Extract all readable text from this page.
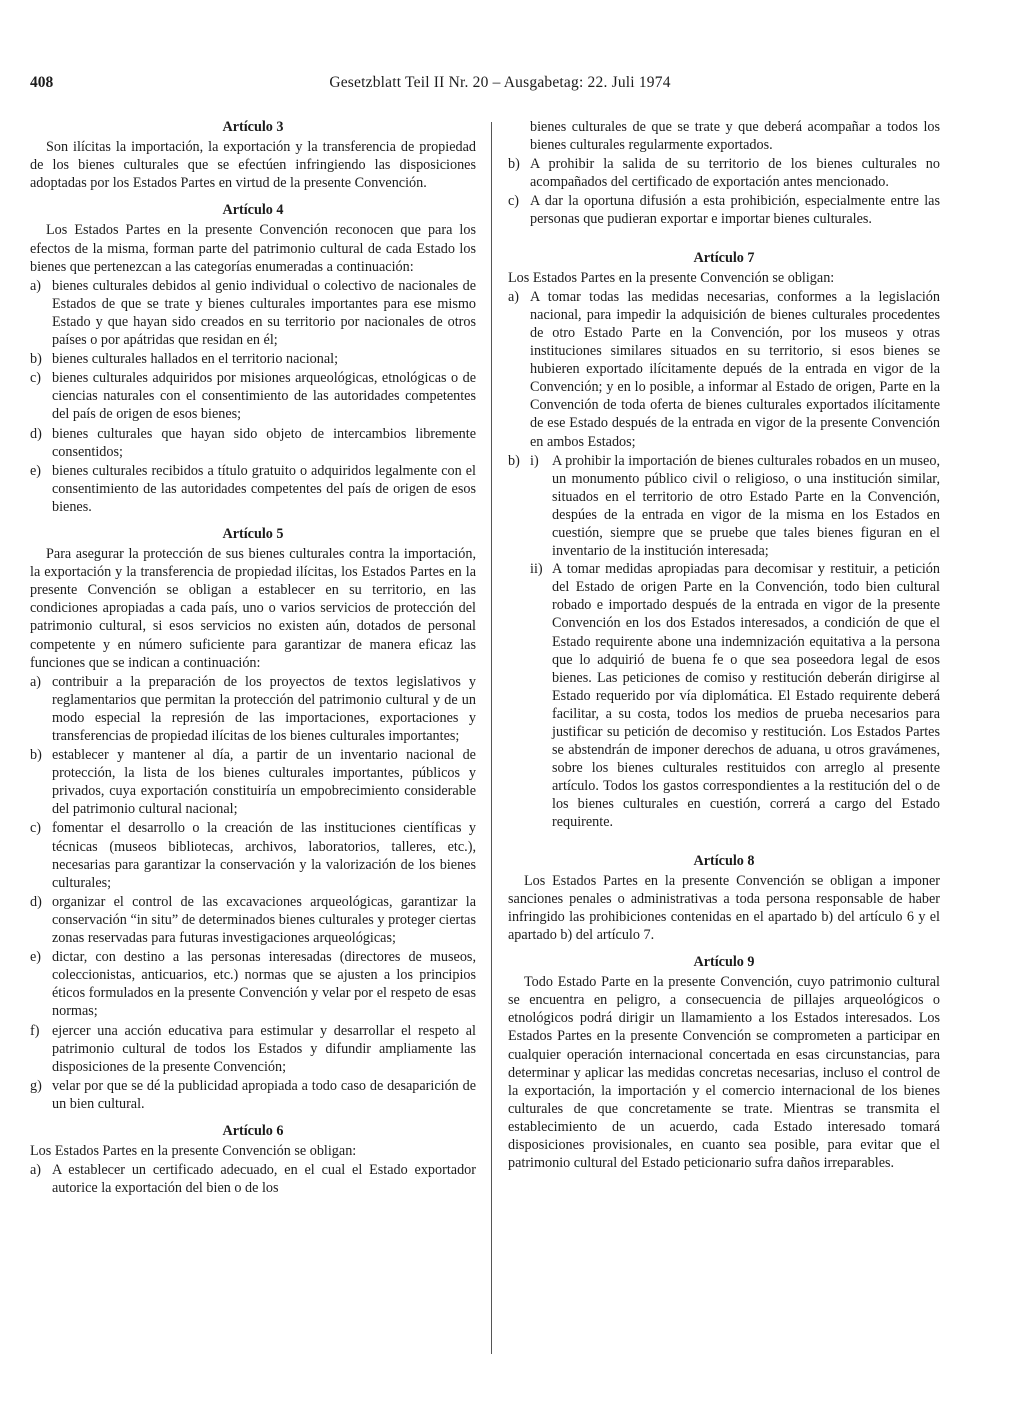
408	Gesetzblatt Teil II Nr. 20 – Ausgabetag: 22. Juli 1974
Artículo 3

Son ilícitas la importación, la exportación y la transferencia de propiedad de los bienes culturales que se efectúen infringiendo las disposiciones adoptadas por los Estados Partes en virtud de la presente Convención.

Artículo 4

Los Estados Partes en la presente Convención reconocen que para los efectos de la misma, forman parte del patrimonio cultural de cada Estado los bienes que pertenezcan a las categorías enumeradas a continuación:

a) bienes culturales debidos al genio individual o colectivo de nacionales de Estados de que se trate y bienes culturales importantes para ese mismo Estado y que hayan sido creados en su territorio por nacionales de otros países o por apátridas que residan en él;
b) bienes culturales hallados en el territorio nacional;
c) bienes culturales adquiridos por misiones arqueológicas, etnológicas o de ciencias naturales con el consentimiento de las autoridades competentes del país de origen de esos bienes;
d) bienes culturales que hayan sido objeto de intercambios libremente consentidos;
e) bienes culturales recibidos a título gratuito o adquiridos legalmente con el consentimiento de las autoridades competentes del país de origen de esos bienes.
Artículo 5

Para asegurar la protección de sus bienes culturales contra la importación, la exportación y la transferencia de propiedad ilícitas, los Estados Partes en la presente Convención se obligan a establecer en su territorio, en las condiciones apropiadas a cada país, uno o varios servicios de protección del patrimonio cultural, si esos servicios no existen aún, dotados de personal competente y en número suficiente para garantizar de manera eficaz las funciones que se indican a continuación:

a) contribuir a la preparación de los proyectos de textos legislativos y reglamentarios que permitan la protección del patrimonio cultural y de un modo especial la represión de las importaciones, exportaciones y transferencias de propiedad ilícitas de los bienes culturales importantes;
b) establecer y mantener al día, a partir de un inventario nacional de protección, la lista de los bienes culturales importantes, públicos y privados, cuya exportación constituiría un empobrecimiento considerable del patrimonio cultural nacional;
c) fomentar el desarrollo o la creación de las instituciones científicas y técnicas (museos bibliotecas, archivos, laboratorios, talleres, etc.), necesarias para garantizar la conservación y la valorización de los bienes culturales;
d) organizar el control de las excavaciones arqueológicas, garantizar la conservación “in situ” de determinados bienes culturales y proteger ciertas zonas reservadas para futuras investigaciones arqueológicas;
e) dictar, con destino a las personas interesadas (directores de museos, coleccionistas, anticuarios, etc.) normas que se ajusten a los principios éticos formulados en la presente Convención y velar por el respeto de esas normas;
f) ejercer una acción educativa para estimular y desarrollar el respeto al patrimonio cultural de todos los Estados y difundir ampliamente las disposiciones de la presente Convención;
g) velar por que se dé la publicidad apropiada a todo caso de desaparición de un bien cultural.
Artículo 6

Los Estados Partes en la presente Convención se obligan:

a) A establecer un certificado adecuado, en el cual el Estado exportador autorice la exportación del bien o de los

bienes culturales de que se trate y que deberá acompañar a todos los bienes culturales regularmente exportados.

b) A prohibir la salida de su territorio de los bienes culturales no acompañados del certificado de exportación antes mencionado.
c) A dar la oportuna difusión a esta prohibición, especialmente entre las personas que pudieran exportar e importar bienes culturales.
Artículo 7

Los Estados Partes en la presente Convención se obligan:

a) A tomar todas las medidas necesarias, conformes a la legislación nacional, para impedir la adquisición de bienes culturales procedentes de otro Estado Parte en la Convención, por los museos y otras instituciones similares situados en su territorio, si esos bienes se hubieren exportado ilícitamente depués de la entrada en vigor de la Convención; y en lo posible, a informar al Estado de origen, Parte en la Convención de toda oferta de bienes culturales exportados ilícitamente de ese Estado después de la entrada en vigor de la presente Convención en ambos Estados;
b) i) A prohibir la importación de bienes culturales robados en un museo, un monumento público civil o religioso, o una institución similar, situados en el territorio de otro Estado Parte en la Convención, despúes de la entrada en vigor de la misma en los Estados en cuestión, siempre que se pruebe que tales bienes figuran en el inventario de la institución interesada;
ii) A tomar medidas apropiadas para decomisar y restituir, a petición del Estado de origen Parte en la Convención, todo bien cultural robado e importado después de la entrada en vigor de la presente Convención en los dos Estados interesados, a condición de que el Estado requirente abone una indemnización equitativa a la persona que lo adquirió de buena fe o que sea poseedora legal de esos bienes. Las peticiones de comiso y restitución deberán dirigirse al Estado requerido por vía diplomática. El Estado requirente deberá facilitar, a su costa, todos los medios de prueba necesarios para justificar su petición de decomiso y restitución. Los Estados Partes se abstendrán de imponer derechos de aduana, u otros gravámenes, sobre los bienes culturales restituidos con arreglo al presente artículo. Todos los gastos correspondientes a la restitución del o de los bienes culturales en cuestión, correrá a cargo del Estado requirente.
Artículo 8

Los Estados Partes en la presente Convención se obligan a imponer sanciones penales o administrativas a toda persona responsable de haber infringido las prohibiciones contenidas en el apartado b) del artículo 6 y el apartado b) del artículo 7.

Artículo 9

Todo Estado Parte en la presente Convención, cuyo patrimonio cultural se encuentra en peligro, a consecuencia de pillajes arqueológicos o etnológicos podrá dirigir un llamamiento a los Estados interesados. Los Estados Partes en la presente Convención se comprometen a participar en cualquier operación internacional concertada en esas circunstancias, para determinar y aplicar las medidas concretas necesarias, incluso el control de la exportación, la importación y el comercio internacional de los bienes culturales de que concretamente se trate. Mientras se transmita el establecimiento de un acuerdo, cada Estado interesado tomará disposiciones provisionales, en cuanto sea posible, para evitar que el patrimonio cultural del Estado peticionario sufra daños irreparables.
